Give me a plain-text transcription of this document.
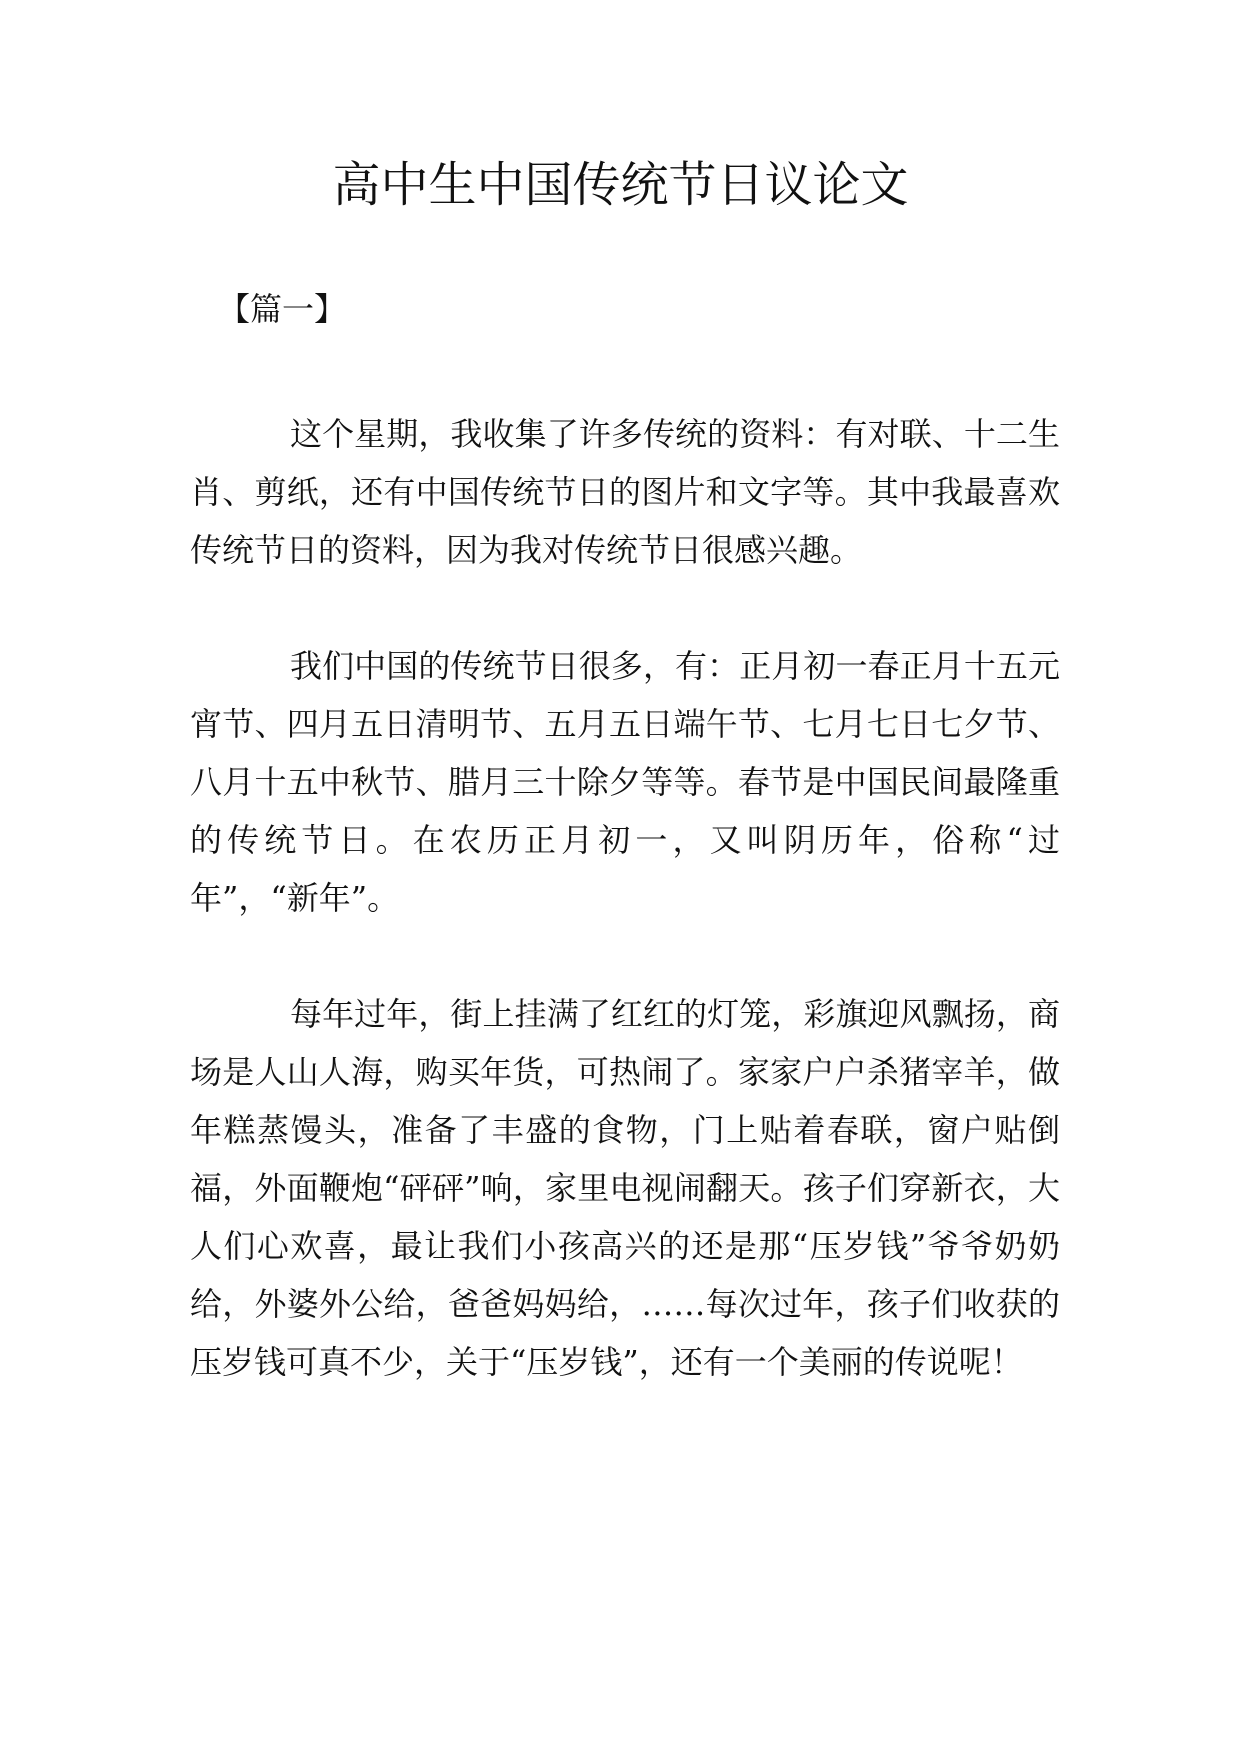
高中生中国传统节日议论文
【篇一】

这个星期，我收集了许多传统的资料：有对联、十二生肖、剪纸，还有中国传统节日的图片和文字等。其中我最喜欢传统节日的资料，因为我对传统节日很感兴趣。

我们中国的传统节日很多，有：正月初一春正月十五元宵节、四月五日清明节、五月五日端午节、七月七日七夕节、八月十五中秋节、腊月三十除夕等等。春节是中国民间最隆重的传统节日。在农历正月初一，又叫阴历年，俗称“过年”，“新年”。

每年过年，街上挂满了红红的灯笼，彩旗迎风飘扬，商场是人山人海，购买年货，可热闹了。家家户户杀猪宰羊，做年糕蒸馒头，准备了丰盛的食物，门上贴着春联，窗户贴倒福，外面鞭炮“砰砰”响，家里电视闹翻天。孩子们穿新衣，大人们心欢喜，最让我们小孩高兴的还是那“压岁钱”爷爷奶奶给，外婆外公给，爸爸妈妈给，……每次过年，孩子们收获的压岁钱可真不少，关于“压岁钱”，还有一个美丽的传说呢！
